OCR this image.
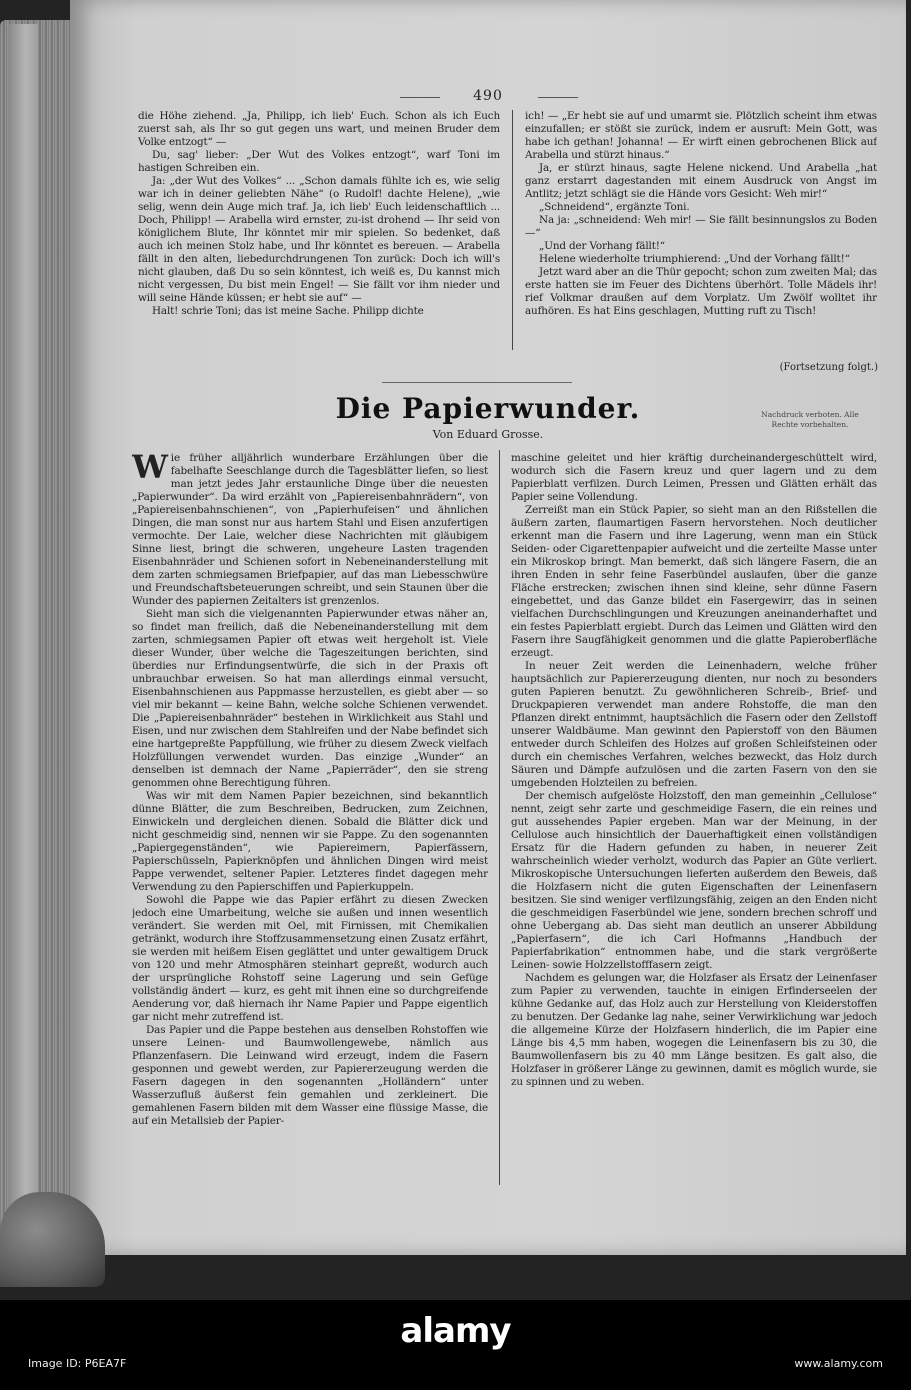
490

die Höhe ziehend. „Ja, Philipp, ich lieb' Euch. Schon als ich Euch zuerst sah, als Ihr so gut gegen uns wart, und meinen Bruder dem Volke entzogt“ —

Du, sag' lieber: „Der Wut des Volkes entzogt“, warf Toni im hastigen Schreiben ein.

Ja: „der Wut des Volkes“ ... „Schon damals fühlte ich es, wie selig war ich in deiner geliebten Nähe“ (o Rudolf! dachte Helene), „wie selig, wenn dein Auge mich traf. Ja, ich lieb' Euch leidenschaftlich ... Doch, Philipp! — Arabella wird ernster, zu-ist drohend — Ihr seid von königlichem Blute, Ihr könntet mir mir spielen. So bedenket, daß auch ich meinen Stolz habe, und Ihr könntet es bereuen. — Arabella fällt in den alten, liebedurchdrungenen Ton zurück: Doch ich will's nicht glauben, daß Du so sein könntest, ich weiß es, Du kannst mich nicht vergessen, Du bist mein Engel! — Sie fällt vor ihm nieder und will seine Hände küssen; er hebt sie auf“ —

Halt! schrie Toni; das ist meine Sache. Philipp dichte

ich! — „Er hebt sie auf und umarmt sie. Plötzlich scheint ihm etwas einzufallen; er stößt sie zurück, indem er ausruft: Mein Gott, was habe ich gethan! Johanna! — Er wirft einen gebrochenen Blick auf Arabella und stürzt hinaus.“

Ja, er stürzt hinaus, sagte Helene nickend. Und Arabella „hat ganz erstarrt dagestanden mit einem Ausdruck von Angst im Antlitz; jetzt schlägt sie die Hände vors Gesicht: Weh mir!“

„Schneidend“, ergänzte Toni.

Na ja: „schneidend: Weh mir! — Sie fällt besinnungslos zu Boden —“

„Und der Vorhang fällt!“

Helene wiederholte triumphierend: „Und der Vorhang fällt!“

Jetzt ward aber an die Thür gepocht; schon zum zweiten Mal; das erste hatten sie im Feuer des Dichtens überhört. Tolle Mädels ihr! rief Volkmar draußen auf dem Vorplatz. Um Zwölf wolltet ihr aufhören. Es hat Eins geschlagen, Mutting ruft zu Tisch!

(Fortsetzung folgt.)
Die Papierwunder.
Von Eduard Grosse.
Nachdruck verboten. Alle Rechte vorbehalten.

Wie früher alljährlich wunderbare Erzählungen über die fabelhafte Seeschlange durch die Tagesblätter liefen, so liest man jetzt jedes Jahr erstaunliche Dinge über die neuesten „Papierwunder“. Da wird erzählt von „Papiereisenbahnrädern“, von „Papiereisenbahnschienen“, von „Papierhufeisen“ und ähnlichen Dingen, die man sonst nur aus hartem Stahl und Eisen anzufertigen vermochte. Der Laie, welcher diese Nachrichten mit gläubigem Sinne liest, bringt die schweren, ungeheure Lasten tragenden Eisenbahnräder und Schienen sofort in Nebeneinanderstellung mit dem zarten schmiegsamen Briefpapier, auf das man Liebesschwüre und Freundschaftsbeteuerungen schreibt, und sein Staunen über die Wunder des papiernen Zeitalters ist grenzenlos.

Sieht man sich die vielgenannten Papierwunder etwas näher an, so findet man freilich, daß die Nebeneinanderstellung mit dem zarten, schmiegsamen Papier oft etwas weit hergeholt ist. Viele dieser Wunder, über welche die Tageszeitungen berichten, sind überdies nur Erfindungsentwürfe, die sich in der Praxis oft unbrauchbar erweisen. So hat man allerdings einmal versucht, Eisenbahnschienen aus Pappmasse herzustellen, es giebt aber — so viel mir bekannt — keine Bahn, welche solche Schienen verwendet. Die „Papiereisenbahnräder“ bestehen in Wirklichkeit aus Stahl und Eisen, und nur zwischen dem Stahlreifen und der Nabe befindet sich eine hartgepreßte Pappfüllung, wie früher zu diesem Zweck vielfach Holzfüllungen verwendet wurden. Das einzige „Wunder“ an denselben ist demnach der Name „Papierräder“, den sie streng genommen ohne Berechtigung führen.

Was wir mit dem Namen Papier bezeichnen, sind bekanntlich dünne Blätter, die zum Beschreiben, Bedrucken, zum Zeichnen, Einwickeln und dergleichen dienen. Sobald die Blätter dick und nicht geschmeidig sind, nennen wir sie Pappe. Zu den sogenannten „Papiergegenständen“, wie Papiereimern, Papierfässern, Papierschüsseln, Papierknöpfen und ähnlichen Dingen wird meist Pappe verwendet, seltener Papier. Letzteres findet dagegen mehr Verwendung zu den Papierschiffen und Papierkuppeln.

Sowohl die Pappe wie das Papier erfährt zu diesen Zwecken jedoch eine Umarbeitung, welche sie außen und innen wesentlich verändert. Sie werden mit Oel, mit Firnissen, mit Chemikalien getränkt, wodurch ihre Stoffzusammensetzung einen Zusatz erfährt, sie werden mit heißem Eisen geglättet und unter gewaltigem Druck von 120 und mehr Atmosphären steinhart gepreßt, wodurch auch der ursprüngliche Rohstoff seine Lagerung und sein Gefüge vollständig ändert — kurz, es geht mit ihnen eine so durchgreifende Aenderung vor, daß hiernach ihr Name Papier und Pappe eigentlich gar nicht mehr zutreffend ist.

Das Papier und die Pappe bestehen aus denselben Rohstoffen wie unsere Leinen- und Baumwollengewebe, nämlich aus Pflanzenfasern. Die Leinwand wird erzeugt, indem die Fasern gesponnen und gewebt werden, zur Papiererzeugung werden die Fasern dagegen in den sogenannten „Holländern“ unter Wasserzufluß äußerst fein gemahlen und zerkleinert. Die gemahlenen Fasern bilden mit dem Wasser eine flüssige Masse, die auf ein Metallsieb der Papier-

maschine geleitet und hier kräftig durcheinandergeschüttelt wird, wodurch sich die Fasern kreuz und quer lagern und zu dem Papierblatt verfilzen. Durch Leimen, Pressen und Glätten erhält das Papier seine Vollendung.

Zerreißt man ein Stück Papier, so sieht man an den Rißstellen die äußern zarten, flaumartigen Fasern hervorstehen. Noch deutlicher erkennt man die Fasern und ihre Lagerung, wenn man ein Stück Seiden- oder Cigarettenpapier aufweicht und die zerteilte Masse unter ein Mikroskop bringt. Man bemerkt, daß sich längere Fasern, die an ihren Enden in sehr feine Faserbündel auslaufen, über die ganze Fläche erstrecken; zwischen ihnen sind kleine, sehr dünne Fasern eingebettet, und das Ganze bildet ein Fasergewirr, das in seinen vielfachen Durchschlingungen und Kreuzungen aneinanderhaftet und ein festes Papierblatt ergiebt. Durch das Leimen und Glätten wird den Fasern ihre Saugfähigkeit genommen und die glatte Papieroberfläche erzeugt.

In neuer Zeit werden die Leinenhadern, welche früher hauptsächlich zur Papiererzeugung dienten, nur noch zu besonders guten Papieren benutzt. Zu gewöhnlicheren Schreib-, Brief- und Druckpapieren verwendet man andere Rohstoffe, die man den Pflanzen direkt entnimmt, hauptsächlich die Fasern oder den Zellstoff unserer Waldbäume. Man gewinnt den Papierstoff von den Bäumen entweder durch Schleifen des Holzes auf großen Schleifsteinen oder durch ein chemisches Verfahren, welches bezweckt, das Holz durch Säuren und Dämpfe aufzulösen und die zarten Fasern von den sie umgebenden Holzteilen zu befreien.

Der chemisch aufgelöste Holzstoff, den man gemeinhin „Cellulose“ nennt, zeigt sehr zarte und geschmeidige Fasern, die ein reines und gut aussehendes Papier ergeben. Man war der Meinung, in der Cellulose auch hinsichtlich der Dauerhaftigkeit einen vollständigen Ersatz für die Hadern gefunden zu haben, in neuerer Zeit wahrscheinlich wieder verholzt, wodurch das Papier an Güte verliert. Mikroskopische Untersuchungen lieferten außerdem den Beweis, daß die Holzfasern nicht die guten Eigenschaften der Leinenfasern besitzen. Sie sind weniger verfilzungsfähig, zeigen an den Enden nicht die geschmeidigen Faserbündel wie jene, sondern brechen schroff und ohne Uebergang ab. Das sieht man deutlich an unserer Abbildung „Papierfasern“, die ich Carl Hofmanns „Handbuch der Papierfabrikation“ entnommen habe, und die stark vergrößerte Leinen- sowie Holzzellstofffasern zeigt.

Nachdem es gelungen war, die Holzfaser als Ersatz der Leinenfaser zum Papier zu verwenden, tauchte in einigen Erfinderseelen der kühne Gedanke auf, das Holz auch zur Herstellung von Kleiderstoffen zu benutzen. Der Gedanke lag nahe, seiner Verwirklichung war jedoch die allgemeine Kürze der Holzfasern hinderlich, die im Papier eine Länge bis 4,5 mm haben, wogegen die Leinenfasern bis zu 30, die Baumwollenfasern bis zu 40 mm Länge besitzen. Es galt also, die Holzfaser in größerer Länge zu gewinnen, damit es möglich wurde, sie zu spinnen und zu weben.

alamy
Image ID: P6EA7F	www.alamy.com
